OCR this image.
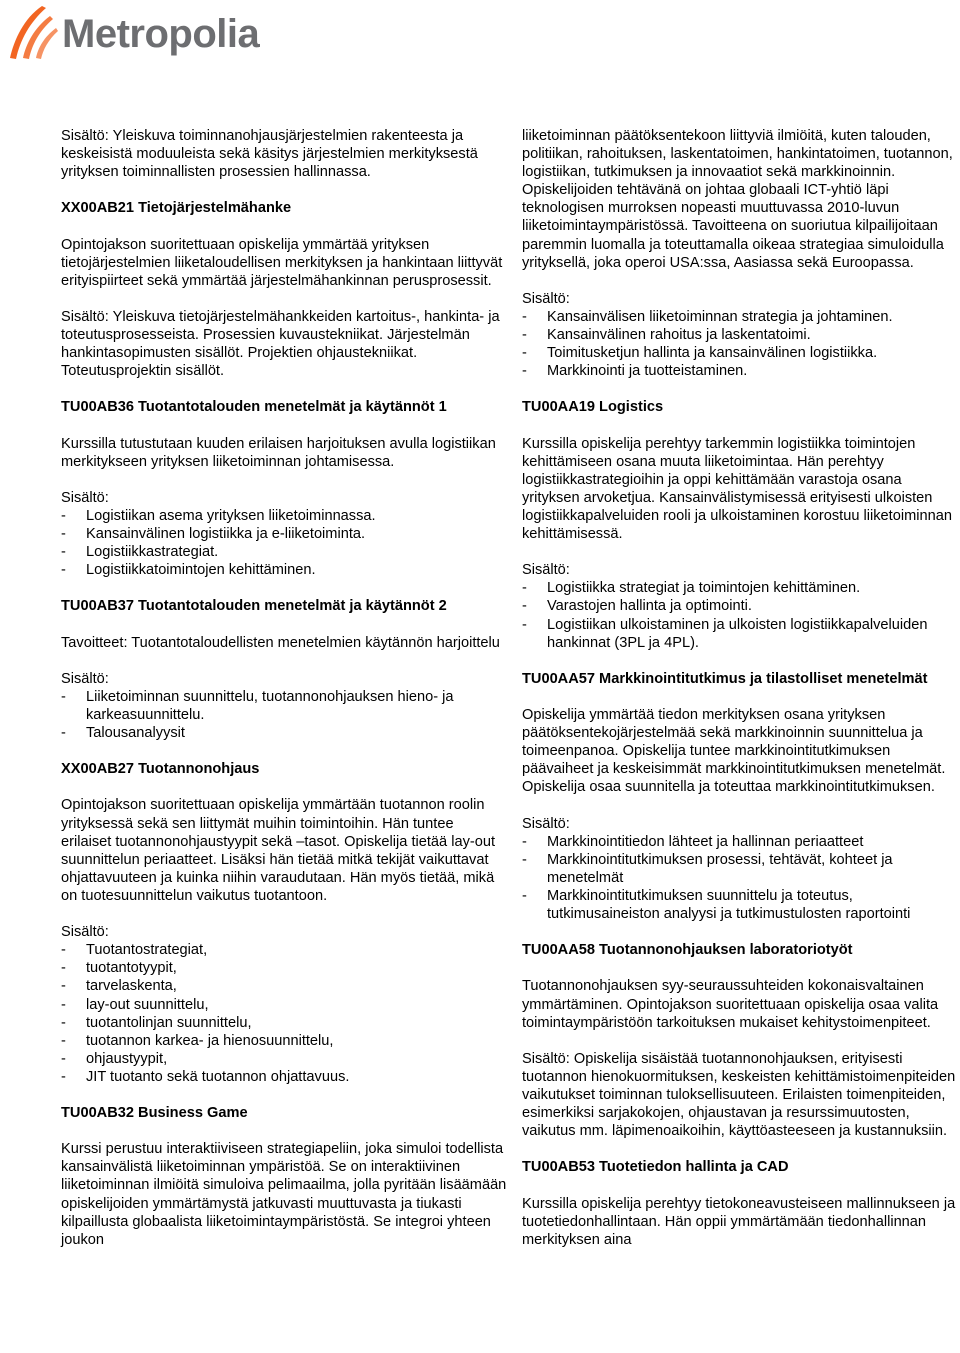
Metropolia

Sisältö: Yleiskuva toiminnanohjausjärjestelmien rakenteesta ja keskeisistä moduuleista sekä käsitys järjestelmien merkityksestä yrityksen toiminnallisten prosessien hallinnassa.

XX00AB21 Tietojärjestelmähanke

Opintojakson suoritettuaan opiskelija ymmärtää yrityksen tietojärjestelmien liiketaloudellisen merkityksen ja hankintaan liittyvät erityispiirteet sekä ymmärtää järjestelmähankinnan perusprosessit.

Sisältö: Yleiskuva tietojärjestelmähankkeiden kartoitus-, hankinta- ja toteutusprosesseista. Prosessien kuvaustekniikat. Järjestelmän hankintasopimusten sisällöt. Projektien ohjaustekniikat. Toteutusprojektin sisällöt.

TU00AB36 Tuotantotalouden menetelmät ja käytännöt 1

Kurssilla tutustutaan kuuden erilaisen harjoituksen avulla logistiikan merkitykseen yrityksen liiketoiminnan johtamisessa.

Sisältö:

- Logistiikan asema yrityksen liiketoiminnassa.
- Kansainvälinen logistiikka ja e-liiketoiminta.
- Logistiikkastrategiat.
- Logistiikkatoimintojen kehittäminen.

TU00AB37 Tuotantotalouden menetelmät ja käytännöt 2

Tavoitteet: Tuotantotaloudellisten menetelmien käytännön harjoittelu

Sisältö:

- Liiketoiminnan suunnittelu, tuotannonohjauksen hieno- ja karkeasuunnittelu.
- Talousanalyysit

XX00AB27 Tuotannonohjaus

Opintojakson suoritettuaan opiskelija ymmärtään tuotannon roolin yrityksessä sekä sen liittymät muihin toimintoihin. Hän tuntee erilaiset tuotannonohjaustyypit sekä –tasot. Opiskelija tietää lay-out suunnittelun periaatteet. Lisäksi hän tietää mitkä tekijät vaikuttavat ohjattavuuteen ja kuinka niihin varaudutaan. Hän myös tietää, mikä on tuotesuunnittelun vaikutus tuotantoon.

Sisältö:

- Tuotantostrategiat,
- tuotantotyypit,
- tarvelaskenta,
- lay-out suunnittelu,
- tuotantolinjan suunnittelu,
- tuotannon karkea- ja hienosuunnittelu,
- ohjaustyypit,
- JIT tuotanto sekä tuotannon ohjattavuus.

TU00AB32 Business Game

Kurssi perustuu interaktiiviseen strategiapeliin, joka simuloi todellista kansainvälistä liiketoiminnan ympäristöä. Se on interaktiivinen liiketoiminnan ilmiöitä simuloiva pelimaailma, jolla pyritään lisäämään opiskelijoiden ymmärtämystä jatkuvasti muuttuvasta ja tiukasti kilpaillusta globaalista liiketoimintaympäristöstä. Se integroi yhteen joukon

liiketoiminnan päätöksentekoon liittyviä ilmiöitä, kuten talouden, politiikan, rahoituksen, laskentatoimen, hankintatoimen, tuotannon, logistiikan, tutkimuksen ja innovaatiot sekä markkinoinnin. Opiskelijoiden tehtävänä on johtaa globaali ICT-yhtiö läpi teknologisen murroksen nopeasti muuttuvassa 2010-luvun liiketoimintaympäristössä. Tavoitteena on suoriutua kilpailijoitaan paremmin luomalla ja toteuttamalla oikeaa strategiaa simuloidulla yrityksellä, joka operoi USA:ssa, Aasiassa sekä Euroopassa.

Sisältö:

- Kansainvälisen liiketoiminnan strategia ja johtaminen.
- Kansainvälinen rahoitus ja laskentatoimi.
- Toimitusketjun hallinta ja kansainvälinen logistiikka.
- Markkinointi ja tuotteistaminen.

TU00AA19 Logistics

Kurssilla opiskelija perehtyy tarkemmin logistiikka toimintojen kehittämiseen osana muuta liiketoimintaa. Hän perehtyy logistiikkastrategioihin ja oppi kehittämään varastoja osana yrityksen arvoketjua. Kansainvälistymisessä erityisesti ulkoisten logistiikkapalveluiden rooli ja ulkoistaminen korostuu liiketoiminnan kehittämisessä.

Sisältö:

- Logistiikka strategiat ja toimintojen kehittäminen.
- Varastojen hallinta ja optimointi.
- Logistiikan ulkoistaminen ja ulkoisten logistiikkapalveluiden hankinnat (3PL ja 4PL).

TU00AA57 Markkinointitutkimus ja tilastolliset menetelmät

Opiskelija ymmärtää tiedon merkityksen osana yrityksen päätöksentekojärjestelmää sekä markkinoinnin suunnittelua ja toimeenpanoa. Opiskelija tuntee markkinointitutkimuksen päävaiheet ja keskeisimmät markkinointitutkimuksen menetelmät. Opiskelija osaa suunnitella ja toteuttaa markkinointitutkimuksen.

Sisältö:

- Markkinointitiedon lähteet ja hallinnan periaatteet
- Markkinointitutkimuksen prosessi, tehtävät, kohteet ja menetelmät
- Markkinointitutkimuksen suunnittelu ja toteutus, tutkimusaineiston analyysi ja tutkimustulosten raportointi

TU00AA58 Tuotannonohjauksen laboratoriotyöt

Tuotannonohjauksen syy-seuraussuhteiden kokonaisvaltainen ymmärtäminen. Opintojakson suoritettuaan opiskelija osaa valita toimintaympäristöön tarkoituksen mukaiset kehitystoimenpiteet.

Sisältö: Opiskelija sisäistää tuotannonohjauksen, erityisesti tuotannon hienokuormituksen, keskeisten kehittämistoimenpiteiden vaikutukset toiminnan tuloksellisuuteen. Erilaisten toimenpiteiden, esimerkiksi sarjakokojen, ohjaustavan ja resurssimuutosten, vaikutus mm. läpimenoaikoihin, käyttöasteeseen ja kustannuksiin.

TU00AB53 Tuotetiedon hallinta ja CAD

Kurssilla opiskelija perehtyy tietokoneavusteiseen mallinnukseen ja tuotetiedonhallintaan. Hän oppii ymmärtämään tiedonhallinnan merkityksen aina
